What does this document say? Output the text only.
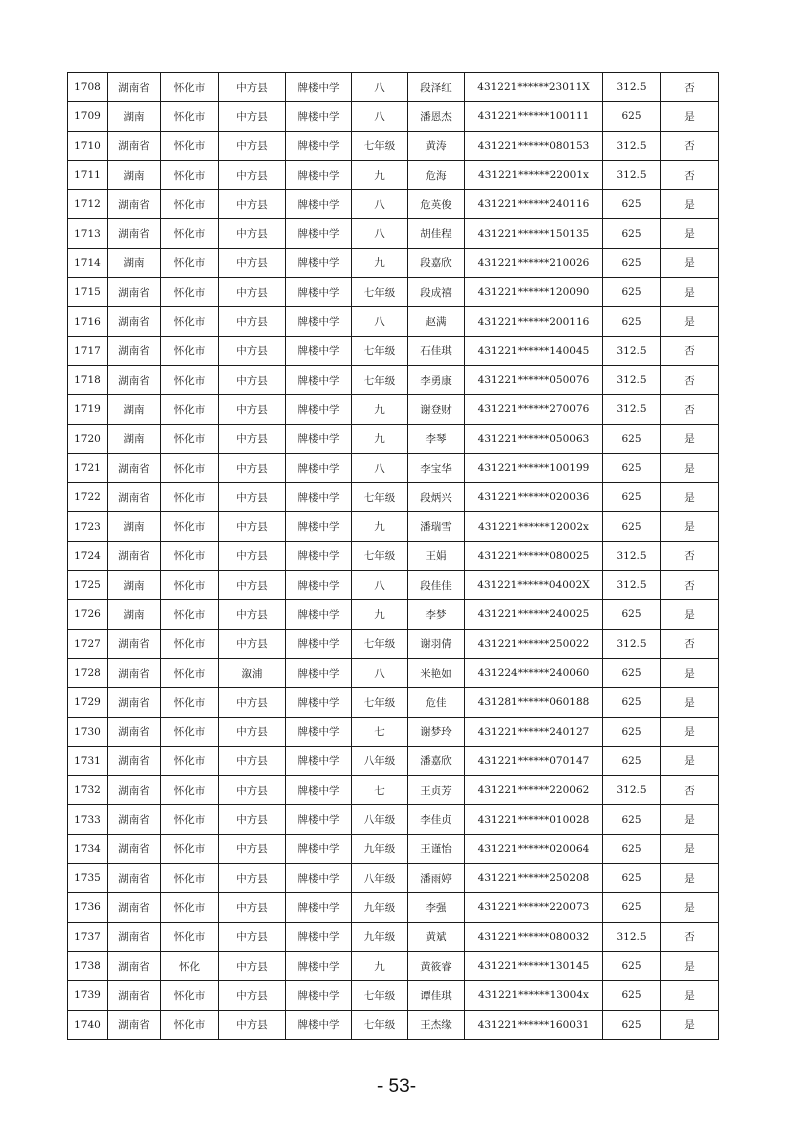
1708	湖南省	怀化市	中方县	牌楼中学	八	段泽红	431221******23011X	312.5	否
1709	湖南	怀化市	中方县	牌楼中学	八	潘恩杰	431221******100111	625	是
1710	湖南省	怀化市	中方县	牌楼中学	七年级	黄涛	431221******080153	312.5	否
1711	湖南	怀化市	中方县	牌楼中学	九	危海	431221******22001x	312.5	否
1712	湖南省	怀化市	中方县	牌楼中学	八	危英俊	431221******240116	625	是
1713	湖南省	怀化市	中方县	牌楼中学	八	胡佳程	431221******150135	625	是
1714	湖南	怀化市	中方县	牌楼中学	九	段嘉欣	431221******210026	625	是
1715	湖南省	怀化市	中方县	牌楼中学	七年级	段成禧	431221******120090	625	是
1716	湖南省	怀化市	中方县	牌楼中学	八	赵满	431221******200116	625	是
1717	湖南省	怀化市	中方县	牌楼中学	七年级	石佳琪	431221******140045	312.5	否
1718	湖南省	怀化市	中方县	牌楼中学	七年级	李勇康	431221******050076	312.5	否
1719	湖南	怀化市	中方县	牌楼中学	九	谢登财	431221******270076	312.5	否
1720	湖南	怀化市	中方县	牌楼中学	九	李琴	431221******050063	625	是
1721	湖南省	怀化市	中方县	牌楼中学	八	李宝华	431221******100199	625	是
1722	湖南省	怀化市	中方县	牌楼中学	七年级	段炳兴	431221******020036	625	是
1723	湖南	怀化市	中方县	牌楼中学	九	潘瑞雪	431221******12002x	625	是
1724	湖南省	怀化市	中方县	牌楼中学	七年级	王娟	431221******080025	312.5	否
1725	湖南	怀化市	中方县	牌楼中学	八	段佳佳	431221******04002X	312.5	否
1726	湖南	怀化市	中方县	牌楼中学	九	李梦	431221******240025	625	是
1727	湖南省	怀化市	中方县	牌楼中学	七年级	谢羽倩	431221******250022	312.5	否
1728	湖南省	怀化市	溆浦	牌楼中学	八	米艳如	431224******240060	625	是
1729	湖南省	怀化市	中方县	牌楼中学	七年级	危佳	431281******060188	625	是
1730	湖南省	怀化市	中方县	牌楼中学	七	谢梦玲	431221******240127	625	是
1731	湖南省	怀化市	中方县	牌楼中学	八年级	潘嘉欣	431221******070147	625	是
1732	湖南省	怀化市	中方县	牌楼中学	七	王贞芳	431221******220062	312.5	否
1733	湖南省	怀化市	中方县	牌楼中学	八年级	李佳贞	431221******010028	625	是
1734	湖南省	怀化市	中方县	牌楼中学	九年级	王谨怡	431221******020064	625	是
1735	湖南省	怀化市	中方县	牌楼中学	八年级	潘雨婷	431221******250208	625	是
1736	湖南省	怀化市	中方县	牌楼中学	九年级	李强	431221******220073	625	是
1737	湖南省	怀化市	中方县	牌楼中学	九年级	黄斌	431221******080032	312.5	否
1738	湖南省	怀化	中方县	牌楼中学	九	黄筱睿	431221******130145	625	是
1739	湖南省	怀化市	中方县	牌楼中学	七年级	谭佳琪	431221******13004x	625	是
1740	湖南省	怀化市	中方县	牌楼中学	七年级	王杰缘	431221******160031	625	是
- 53-
